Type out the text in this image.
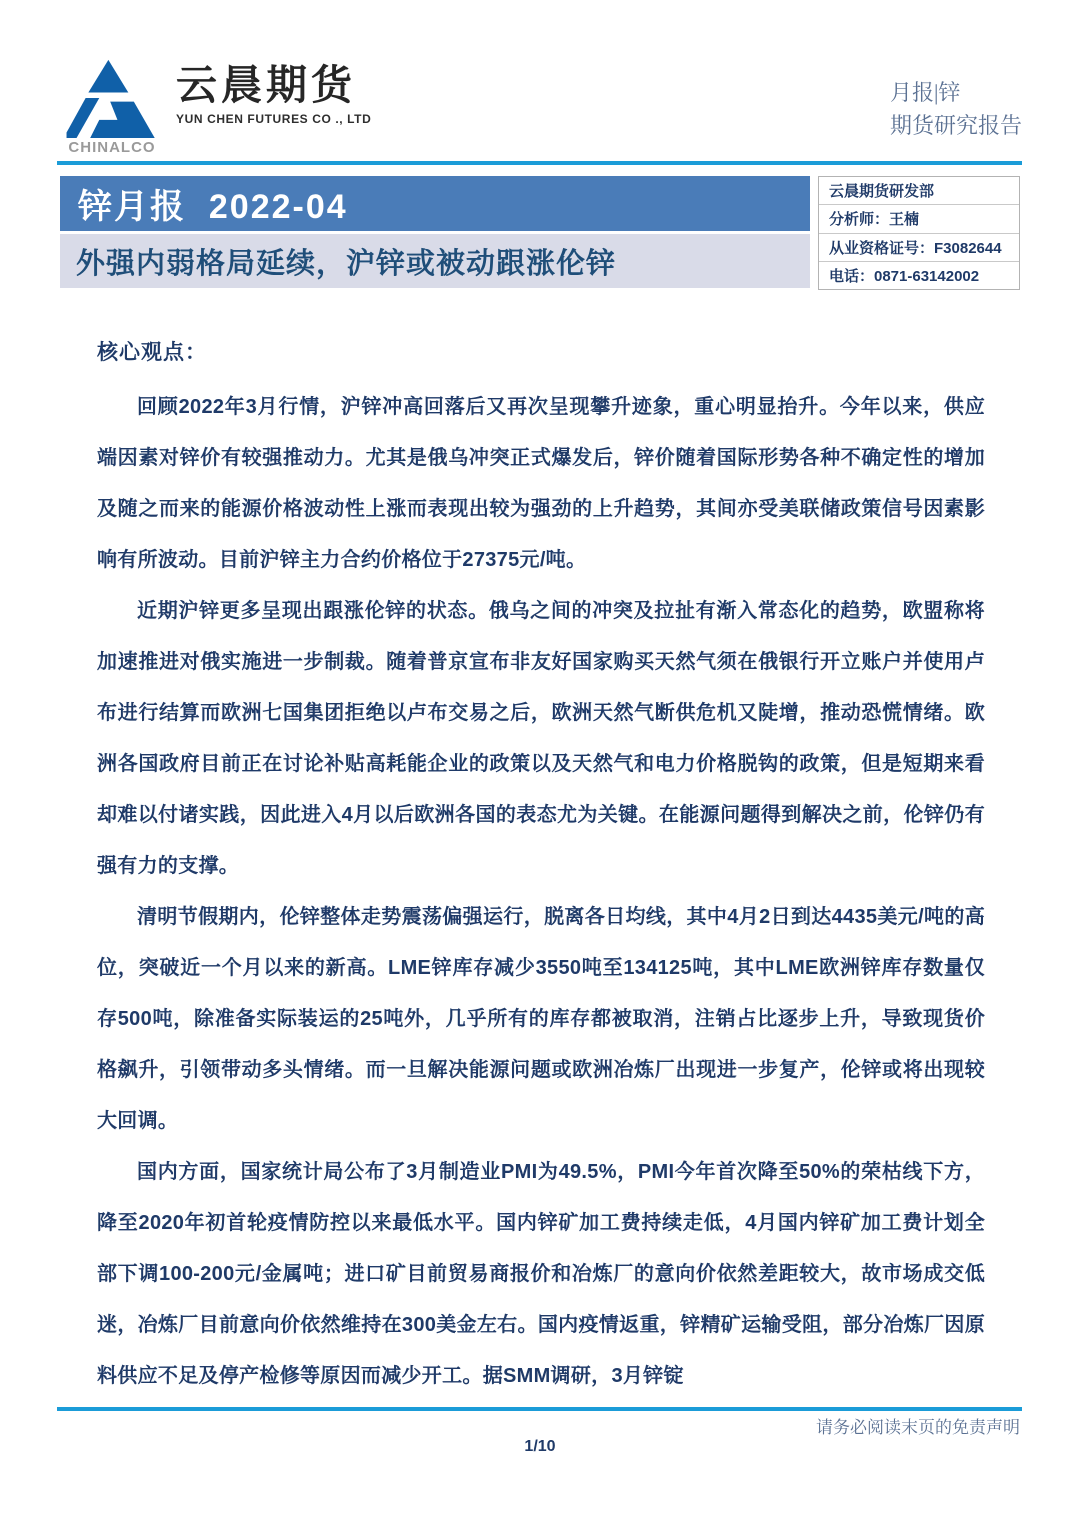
CHINALCO
云晨期货
YUN CHEN FUTURES CO ., LTD
月报|锌
期货研究报告
锌月报  2022-04
外强内弱格局延续，沪锌或被动跟涨伦锌
云晨期货研发部
分析师：王楠
从业资格证号：F3082644
电话：0871-63142002
核心观点：

回顾2022年3月行情，沪锌冲高回落后又再次呈现攀升迹象，重心明显抬升。今年以来，供应端因素对锌价有较强推动力。尤其是俄乌冲突正式爆发后，锌价随着国际形势各种不确定性的增加及随之而来的能源价格波动性上涨而表现出较为强劲的上升趋势，其间亦受美联储政策信号因素影响有所波动。目前沪锌主力合约价格位于27375元/吨。

近期沪锌更多呈现出跟涨伦锌的状态。俄乌之间的冲突及拉扯有渐入常态化的趋势，欧盟称将加速推进对俄实施进一步制裁。随着普京宣布非友好国家购买天然气须在俄银行开立账户并使用卢布进行结算而欧洲七国集团拒绝以卢布交易之后，欧洲天然气断供危机又陡增，推动恐慌情绪。欧洲各国政府目前正在讨论补贴高耗能企业的政策以及天然气和电力价格脱钩的政策，但是短期来看却难以付诸实践，因此进入4月以后欧洲各国的表态尤为关键。在能源问题得到解决之前，伦锌仍有强有力的支撑。

清明节假期内，伦锌整体走势震荡偏强运行，脱离各日均线，其中4月2日到达4435美元/吨的高位，突破近一个月以来的新高。LME锌库存减少3550吨至134125吨，其中LME欧洲锌库存数量仅存500吨，除准备实际装运的25吨外，几乎所有的库存都被取消，注销占比逐步上升，导致现货价格飙升，引领带动多头情绪。而一旦解决能源问题或欧洲冶炼厂出现进一步复产，伦锌或将出现较大回调。

国内方面，国家统计局公布了3月制造业PMI为49.5%，PMI今年首次降至50%的荣枯线下方，降至2020年初首轮疫情防控以来最低水平。国内锌矿加工费持续走低，4月国内锌矿加工费计划全部下调100-200元/金属吨；进口矿目前贸易商报价和冶炼厂的意向价依然差距较大，故市场成交低迷，冶炼厂目前意向价依然维持在300美金左右。国内疫情返重，锌精矿运输受阻，部分冶炼厂因原料供应不足及停产检修等原因而减少开工。据SMM调研，3月锌锭

请务必阅读末页的免责声明
1/10
